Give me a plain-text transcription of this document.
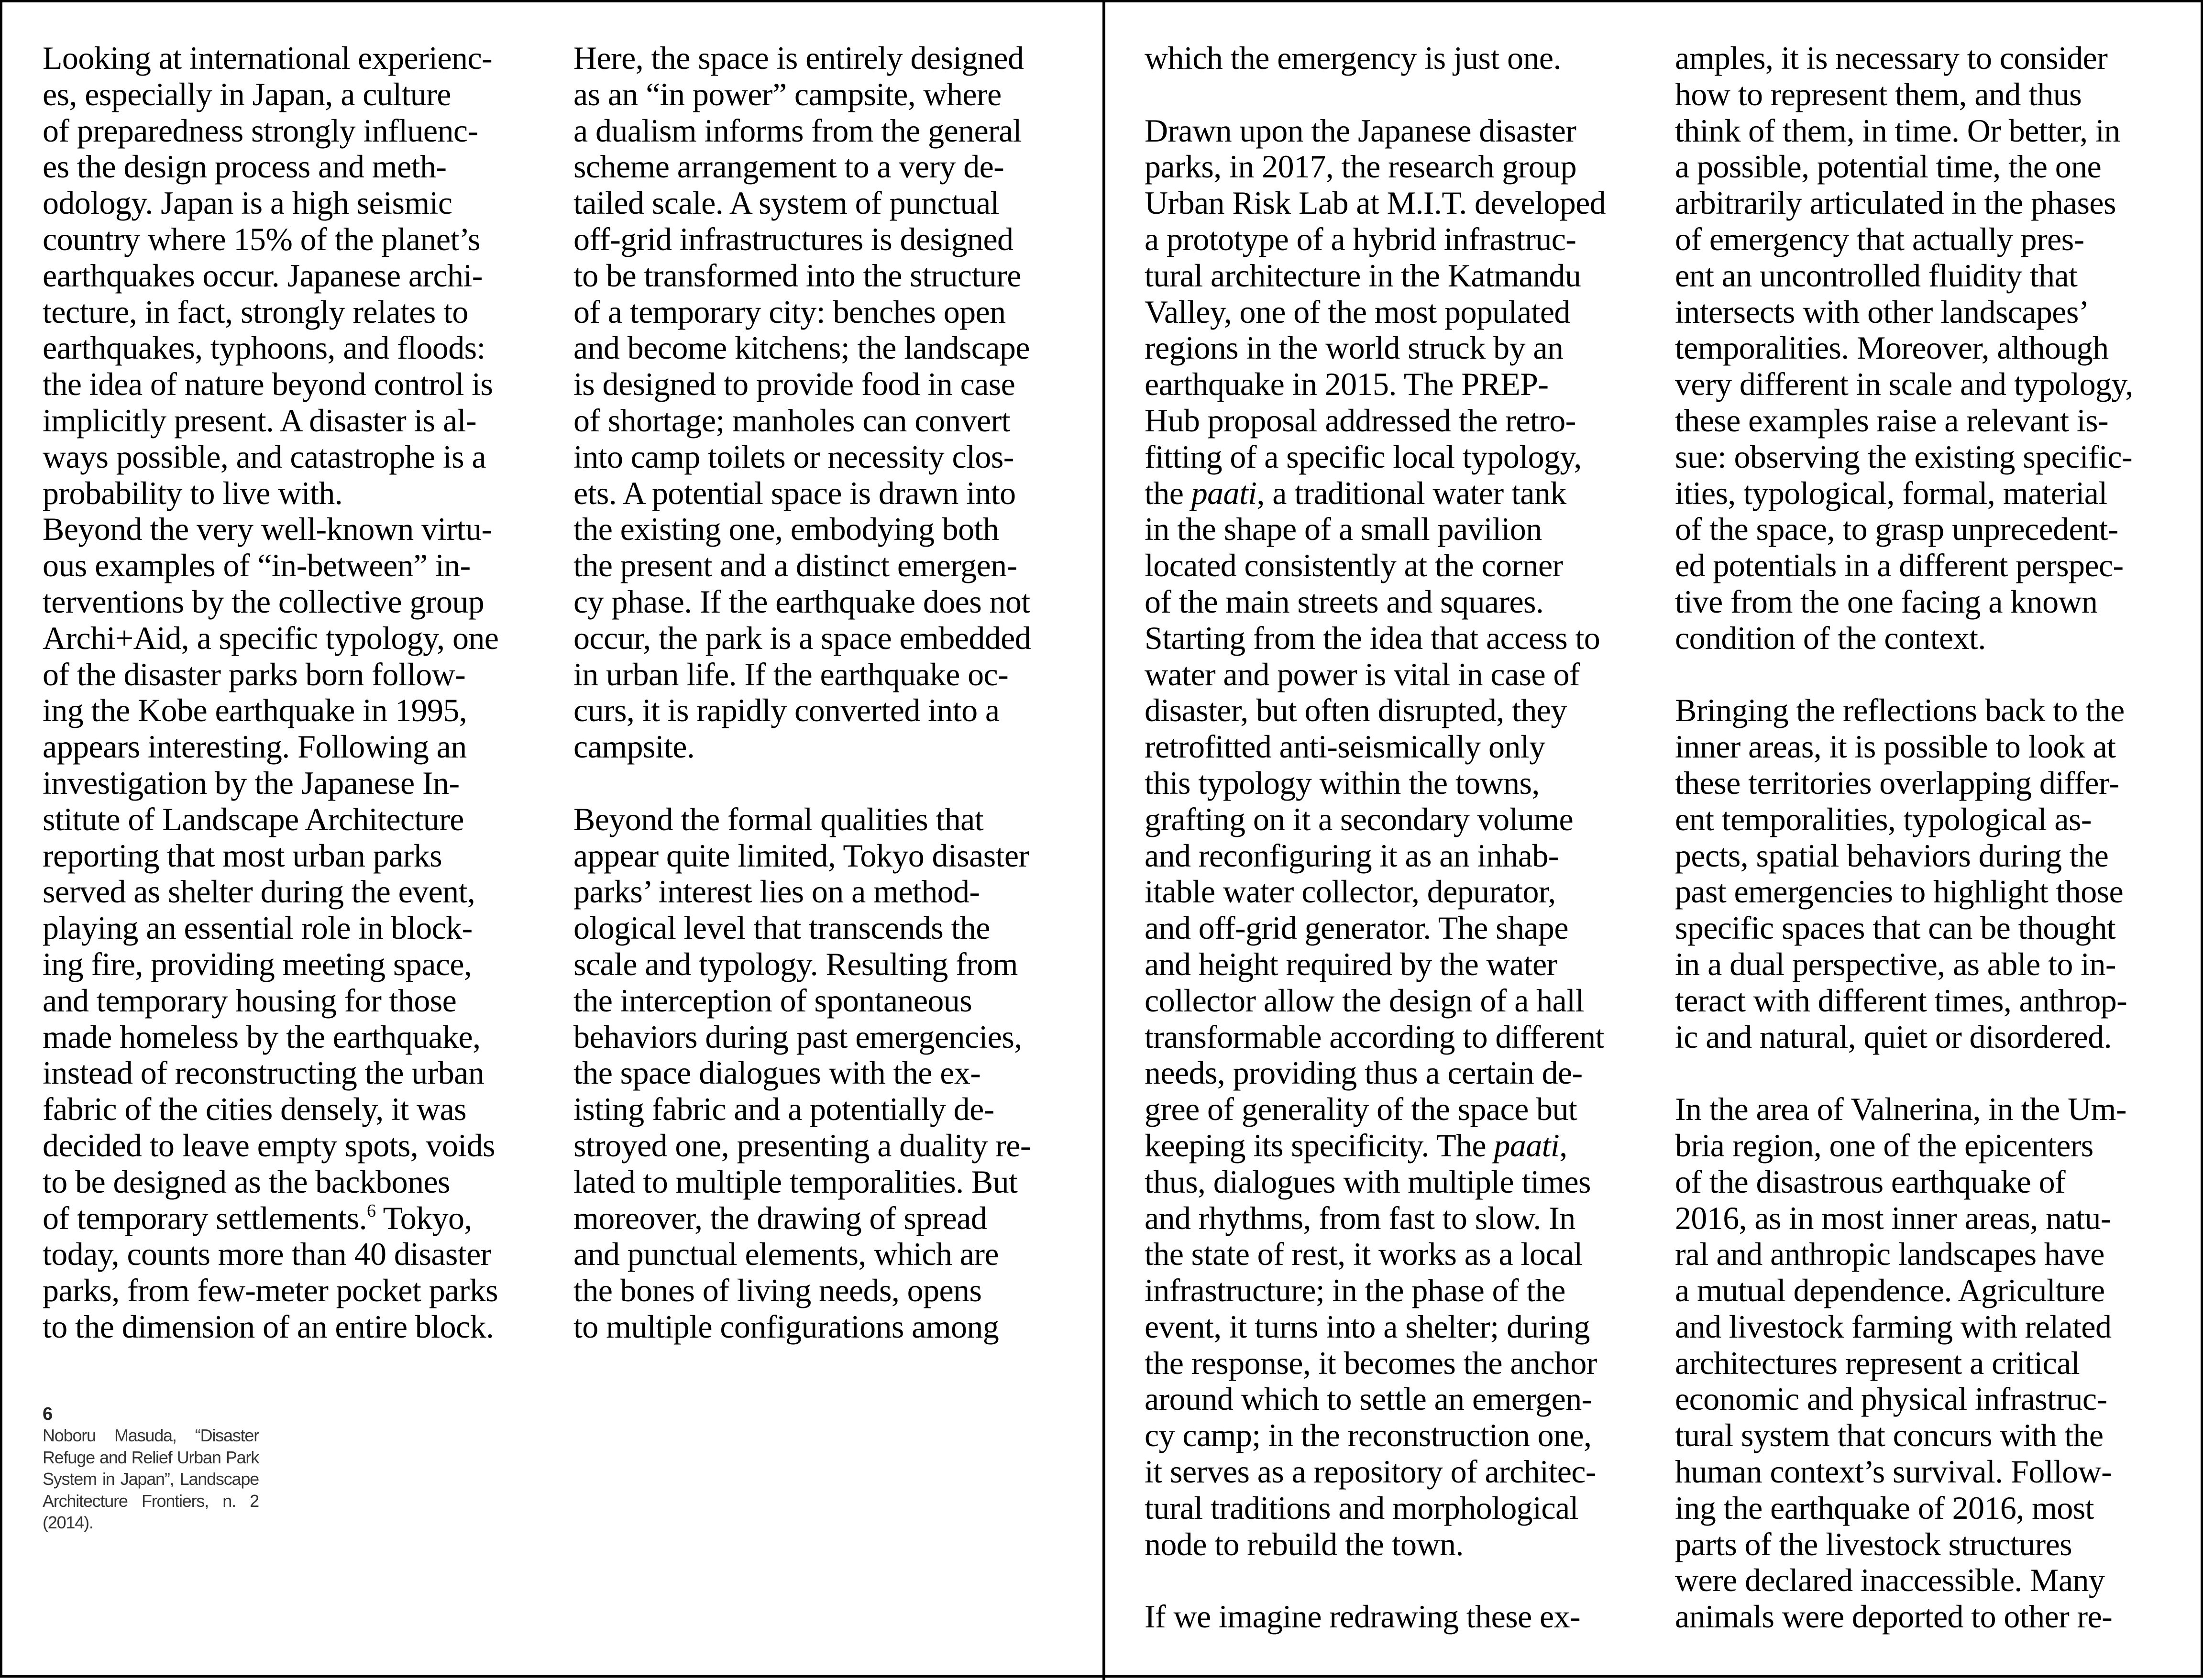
Looking at international experienc-
es, especially in Japan, a culture
of preparedness strongly influenc-
es the design process and meth-
odology. Japan is a high seismic
country where 15% of the planet’s
earthquakes occur. Japanese archi-
tecture, in fact, strongly relates to
earthquakes, typhoons, and floods:
the idea of nature beyond control is
implicitly present. A disaster is al-
ways possible, and catastrophe is a
probability to live with.
Beyond the very well-known virtu-
ous examples of “in-between” in-
terventions by the collective group
Archi+Aid, a specific typology, one
of the disaster parks born follow-
ing the Kobe earthquake in 1995,
appears interesting. Following an
investigation by the Japanese In-
stitute of Landscape Architecture
reporting that most urban parks
served as shelter during the event,
playing an essential role in block-
ing fire, providing meeting space,
and temporary housing for those
made homeless by the earthquake,
instead of reconstructing the urban
fabric of the cities densely, it was
decided to leave empty spots, voids
to be designed as the backbones
of temporary settlements.$^6$ Tokyo,
today, counts more than 40 disaster
parks, from few-meter pocket parks
to the dimension of an entire block.
Here, the space is entirely designed
as an “in power” campsite, where
a dualism informs from the general
scheme arrangement to a very de-
tailed scale. A system of punctual
off-grid infrastructures is designed
to be transformed into the structure
of a temporary city: benches open
and become kitchens; the landscape
is designed to provide food in case
of shortage; manholes can convert
into camp toilets or necessity clos-
ets. A potential space is drawn into
the existing one, embodying both
the present and a distinct emergen-
cy phase. If the earthquake does not
occur, the park is a space embedded
in urban life. If the earthquake oc-
curs, it is rapidly converted into a
campsite.
Beyond the formal qualities that
appear quite limited, Tokyo disaster
parks’ interest lies on a method-
ological level that transcends the
scale and typology. Resulting from
the interception of spontaneous
behaviors during past emergencies,
the space dialogues with the ex-
isting fabric and a potentially de-
stroyed one, presenting a duality re-
lated to multiple temporalities. But
moreover, the drawing of spread
and punctual elements, which are
the bones of living needs, opens
to multiple configurations among
6
Noboru Masuda, “Disaster
Refuge and Relief Urban Park
System in Japan”, Landscape
Architecture Frontiers, n. 2
(2014).
which the emergency is just one.
Drawn upon the Japanese disaster
parks, in 2017, the research group
Urban Risk Lab at M.I.T. developed
a prototype of a hybrid infrastruc-
tural architecture in the Katmandu
Valley, one of the most populated
regions in the world struck by an
earthquake in 2015. The PREP-
Hub proposal addressed the retro-
fitting of a specific local typology,
the paati, a traditional water tank
in the shape of a small pavilion
located consistently at the corner
of the main streets and squares.
Starting from the idea that access to
water and power is vital in case of
disaster, but often disrupted, they
retrofitted anti-seismically only
this typology within the towns,
grafting on it a secondary volume
and reconfiguring it as an inhab-
itable water collector, depurator,
and off-grid generator. The shape
and height required by the water
collector allow the design of a hall
transformable according to different
needs, providing thus a certain de-
gree of generality of the space but
keeping its specificity. The paati,
thus, dialogues with multiple times
and rhythms, from fast to slow. In
the state of rest, it works as a local
infrastructure; in the phase of the
event, it turns into a shelter; during
the response, it becomes the anchor
around which to settle an emergen-
cy camp; in the reconstruction one,
it serves as a repository of architec-
tural traditions and morphological
node to rebuild the town.
If we imagine redrawing these ex-
amples, it is necessary to consider
how to represent them, and thus
think of them, in time. Or better, in
a possible, potential time, the one
arbitrarily articulated in the phases
of emergency that actually pres-
ent an uncontrolled fluidity that
intersects with other landscapes’
temporalities. Moreover, although
very different in scale and typology,
these examples raise a relevant is-
sue: observing the existing specific-
ities, typological, formal, material
of the space, to grasp unprecedent-
ed potentials in a different perspec-
tive from the one facing a known
condition of the context.
Bringing the reflections back to the
inner areas, it is possible to look at
these territories overlapping differ-
ent temporalities, typological as-
pects, spatial behaviors during the
past emergencies to highlight those
specific spaces that can be thought
in a dual perspective, as able to in-
teract with different times, anthrop-
ic and natural, quiet or disordered.
In the area of Valnerina, in the Um-
bria region, one of the epicenters
of the disastrous earthquake of
2016, as in most inner areas, natu-
ral and anthropic landscapes have
a mutual dependence. Agriculture
and livestock farming with related
architectures represent a critical
economic and physical infrastruc-
tural system that concurs with the
human context’s survival. Follow-
ing the earthquake of 2016, most
parts of the livestock structures
were declared inaccessible. Many
animals were deported to other re-
